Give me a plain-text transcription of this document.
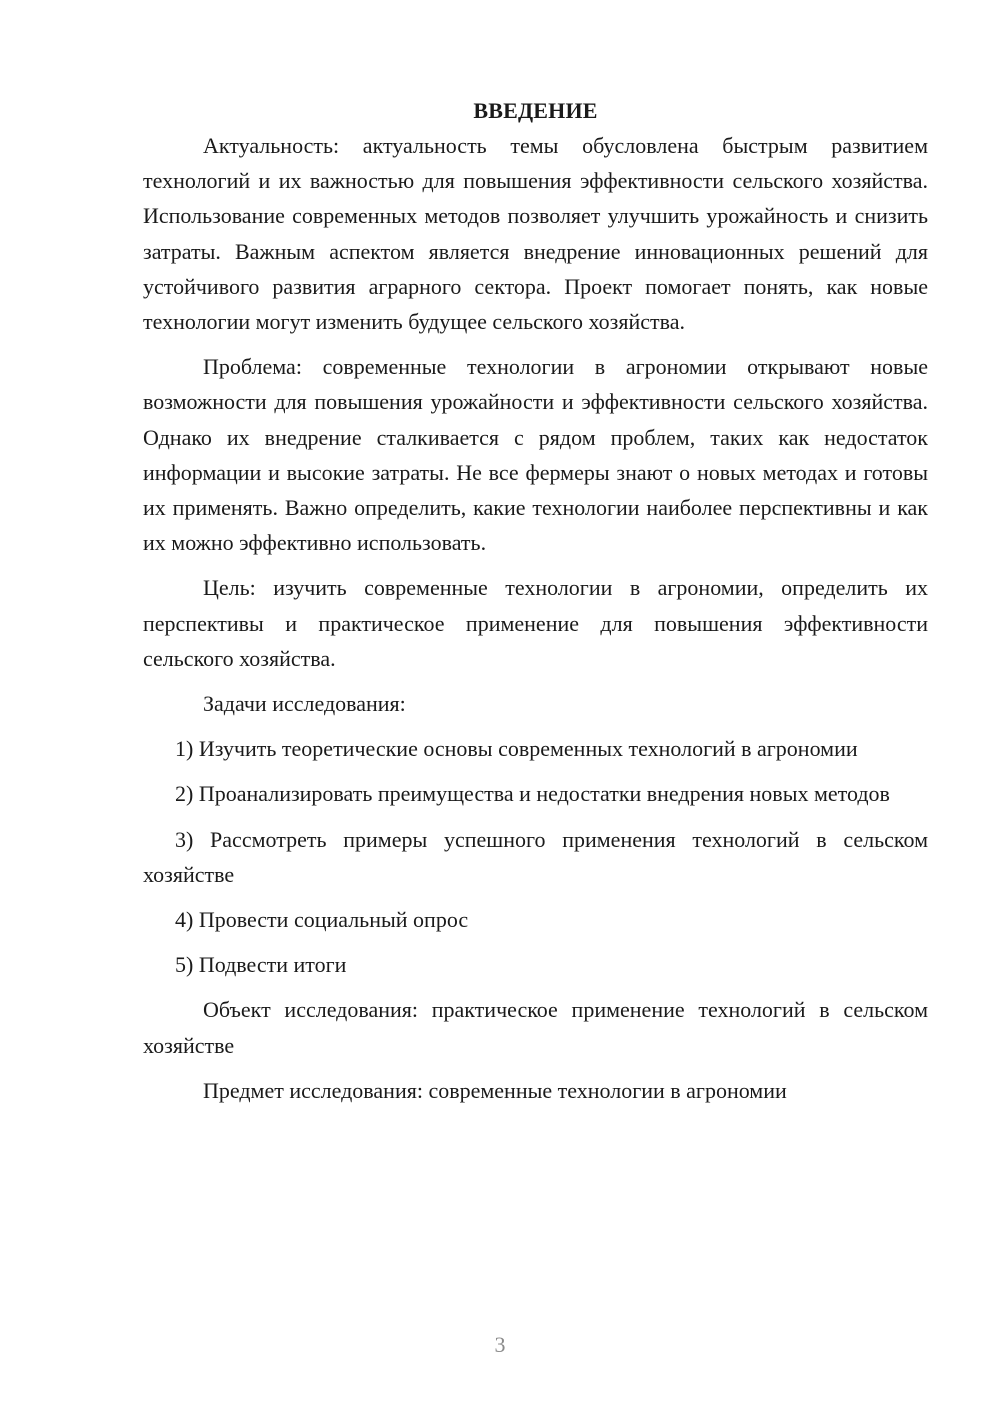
ВВЕДЕНИЕ

Актуальность: актуальность темы обусловлена быстрым развитием технологий и их важностью для повышения эффективности сельского хозяйства. Использование современных методов позволяет улучшить урожайность и снизить затраты. Важным аспектом является внедрение инновационных решений для устойчивого развития аграрного сектора. Проект помогает понять, как новые технологии могут изменить будущее сельского хозяйства.

Проблема: современные технологии в агрономии открывают новые возможности для повышения урожайности и эффективности сельского хозяйства. Однако их внедрение сталкивается с рядом проблем, таких как недостаток информации и высокие затраты. Не все фермеры знают о новых методах и готовы их применять. Важно определить, какие технологии наиболее перспективны и как их можно эффективно использовать.

Цель: изучить современные технологии в агрономии, определить их перспективы и практическое применение для повышения эффективности сельского хозяйства.

Задачи исследования:

1) Изучить теоретические основы современных технологий в агрономии

2) Проанализировать преимущества и недостатки внедрения новых методов

3) Рассмотреть примеры успешного применения технологий в сельском хозяйстве

4) Провести социальный опрос

5) Подвести итоги

Объект исследования: практическое применение технологий в сельском хозяйстве

Предмет исследования: современные технологии в агрономии

3
